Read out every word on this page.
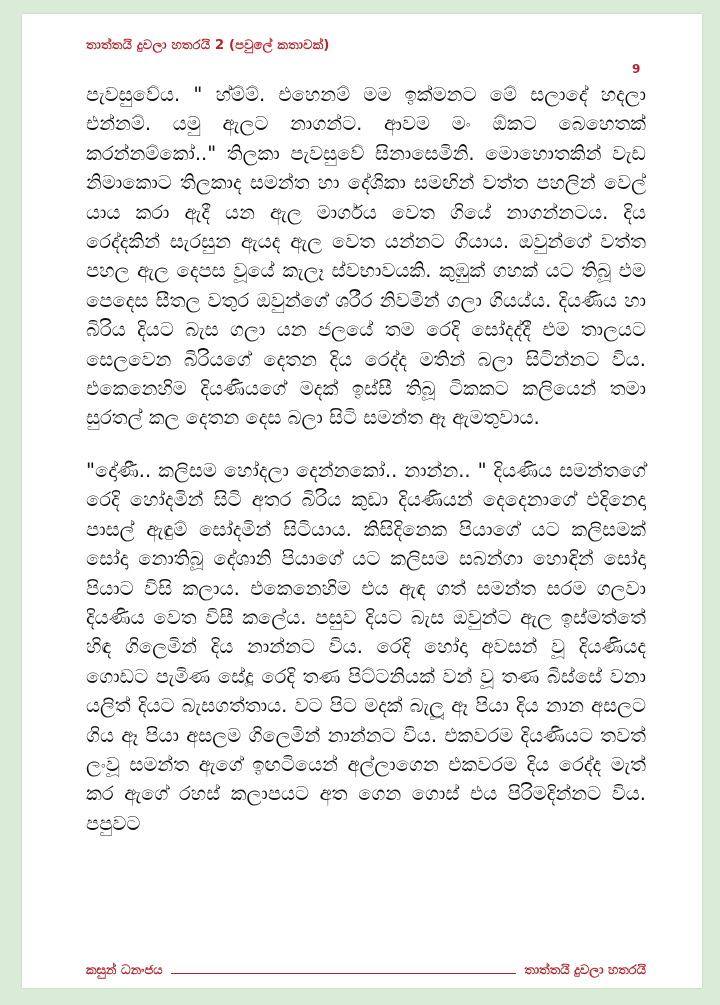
තාත්තයි දුවලා හතරයි 2 (පවුලේ කතාවක්)
9

පැවසුවේය. " හ්ම්ම්. එහෙනම් මම ඉක්මනට මේ සලාදේ හදලා එන්නම්. යමු ඇලට නාගන්ට. ආවම මං ඕකට බෙහෙතක් කරන්නම්කෝ.." තිලකා පැවසුවේ සිනාසෙමිනි. මොහොතකින් වැඩ නිමාකොට තිලකාද සමන්ත හා දේශිකා සමඟින් වත්ත පහලින් වෙල් යාය කරා ඇදී යන ඇල මාර්ගය වෙත ගියේ නාගන්නටය. දිය රෙද්දකින් සැරසුන ඇයද ඇල වෙත යන්නට ගියාය. ඔවුන්ගේ වත්ත පහල ඇල දෙපස වූයේ කැලෑ ස්වභාවයකි. කුඹුක් ගහක් යට තිබූ එම පෙදෙස සීතල වතුර ඔවුන්ගේ ශරීර නිවමින් ගලා ගියය්ය. දියණිය හා බිරිය දියට බැස ගලා යන ජලයේ තම රෙදි සෝදද්දී එම තාලයට සෙලවෙන බිරියගේ දෙතන දිය රෙද්ද මතින් බලා සිටින්නට විය. එකෙනෙහිම දියණියගේ මදක් ඉස්සී තිබූ ටිකකට කලියෙන් තමා සුරතල් කල දෙතන දෙස බලා සිටි සමන්ත ඈ ඇමතුවාය.

"දෝණී.. කලිසම හෝදලා දෙන්නකෝ.. නාන්න.. " දියණිය සමන්තගේ රෙදි හෝදමින් සිටි අතර බිරිය කුඩා දියණියන් දෙදෙනාගේ එදිනෙදා පාසල් ඇඳුම් සෝදමින් සිටියාය. කිසිදිනෙක පියාගේ යට කලිසමක් සෝදා නොතිබූ දේශානි පියාගේ යට කලිසම සබන්ගා හොඳින් සෝදා පියාට විසි කලාය. එකෙනෙහිම එය ඇඳ ගත් සමන්ත සරම ගලවා දියණිය වෙත විසී කලේය. පසුව දියට බැස ඔවුන්ට ඇල ඉස්මත්තේ හිඳ ගිලෙමින් දිය නාන්නට විය. රෙදි හෝදා අවසන් වූ දියණියද ගොඩට පැමිණ සේදූ රෙදි තණ පිට්ටනියක් වන් වූ තණ බිස්සේ වනා යලිත් දියට බැසගත්තාය. වට පිට මදක් බැලූ ඈ පියා දිය නාන අසලට ගිය ඈ පියා අසලම ගිලෙමින් නාන්නට විය. එකවරම දියණියට තවත් ලංවූ සමන්ත ඇගේ ඉඟටියෙන් අල්ලාගෙන එකවරම දිය රෙද්ද මැත් කර ඇගේ රහස් කලාපයට අත ගෙන ගොස් එය පිරිමදින්නට විය. පපුවට

කසුන් ධනංජය	තාත්තයි දුවලා හතරයි
